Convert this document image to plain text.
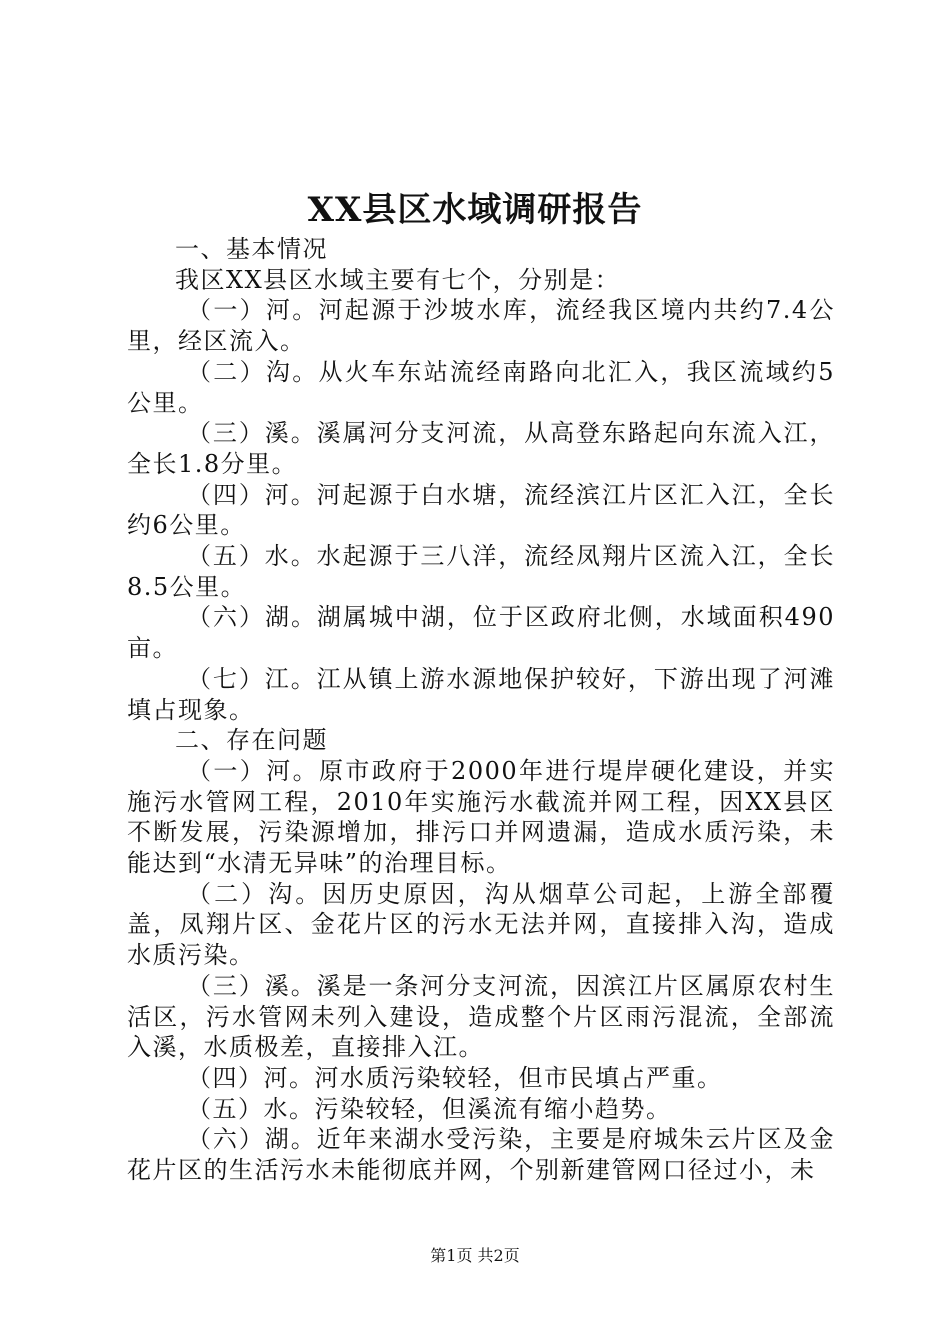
XX县区水域调研报告

一、基本情况

我区XX县区水域主要有七个，分别是：

（一）河。河起源于沙坡水库，流经我区境内共约7.4公里，经区流入。

（二）沟。从火车东站流经南路向北汇入，我区流域约5公里。

（三）溪。溪属河分支河流，从高登东路起向东流入江，全长1.8分里。

（四）河。河起源于白水塘，流经滨江片区汇入江，全长约6公里。

（五）水。水起源于三八洋，流经凤翔片区流入江，全长8.5公里。

（六）湖。湖属城中湖，位于区政府北侧，水域面积490亩。

（七）江。江从镇上游水源地保护较好，下游出现了河滩填占现象。

二、存在问题

（一）河。原市政府于2000年进行堤岸硬化建设，并实施污水管网工程，2010年实施污水截流并网工程，因XX县区不断发展，污染源增加，排污口并网遗漏，造成水质污染，未能达到“水清无异味”的治理目标。

（二）沟。因历史原因，沟从烟草公司起，上游全部覆盖，凤翔片区、金花片区的污水无法并网，直接排入沟，造成水质污染。

（三）溪。溪是一条河分支河流，因滨江片区属原农村生活区，污水管网未列入建设，造成整个片区雨污混流，全部流入溪，水质极差，直接排入江。

（四）河。河水质污染较轻，但市民填占严重。

（五）水。污染较轻，但溪流有缩小趋势。

（六）湖。近年来湖水受污染，主要是府城朱云片区及金花片区的生活污水未能彻底并网，个别新建管网口径过小，未

第1页 共2页
